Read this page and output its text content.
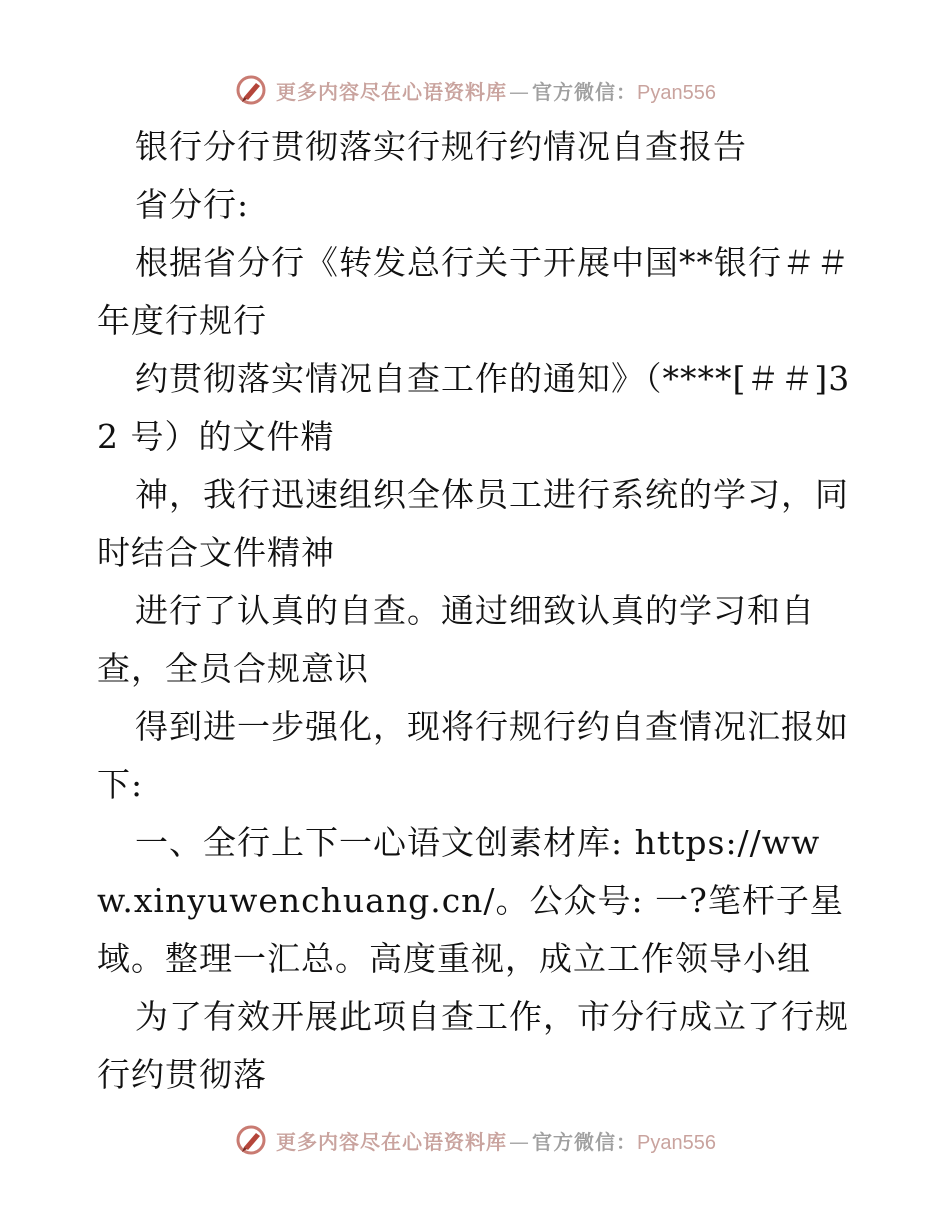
更多内容尽在心语资料库 — 官方微信： Pyan556

银行分行贯彻落实行规行约情况自查报告

省分行:

根据省分行《转发总行关于开展中国**银行＃＃年度行规行

约贯彻落实情况自查工作的通知》（****[＃＃]32 号）的文件精

神，我行迅速组织全体员工进行系统的学习，同时结合文件精神

进行了认真的自查。通过细致认真的学习和自查，全员合规意识

得到进一步强化，现将行规行约自查情况汇报如下:

一、全行上下一心语文创素材库: https://www.xinyuwenchuang.cn/。公众号: 一?笔杆子星域。整理一汇总。高度重视，成立工作领导小组

为了有效开展此项自查工作，市分行成立了行规行约贯彻落

更多内容尽在心语资料库 — 官方微信： Pyan556
